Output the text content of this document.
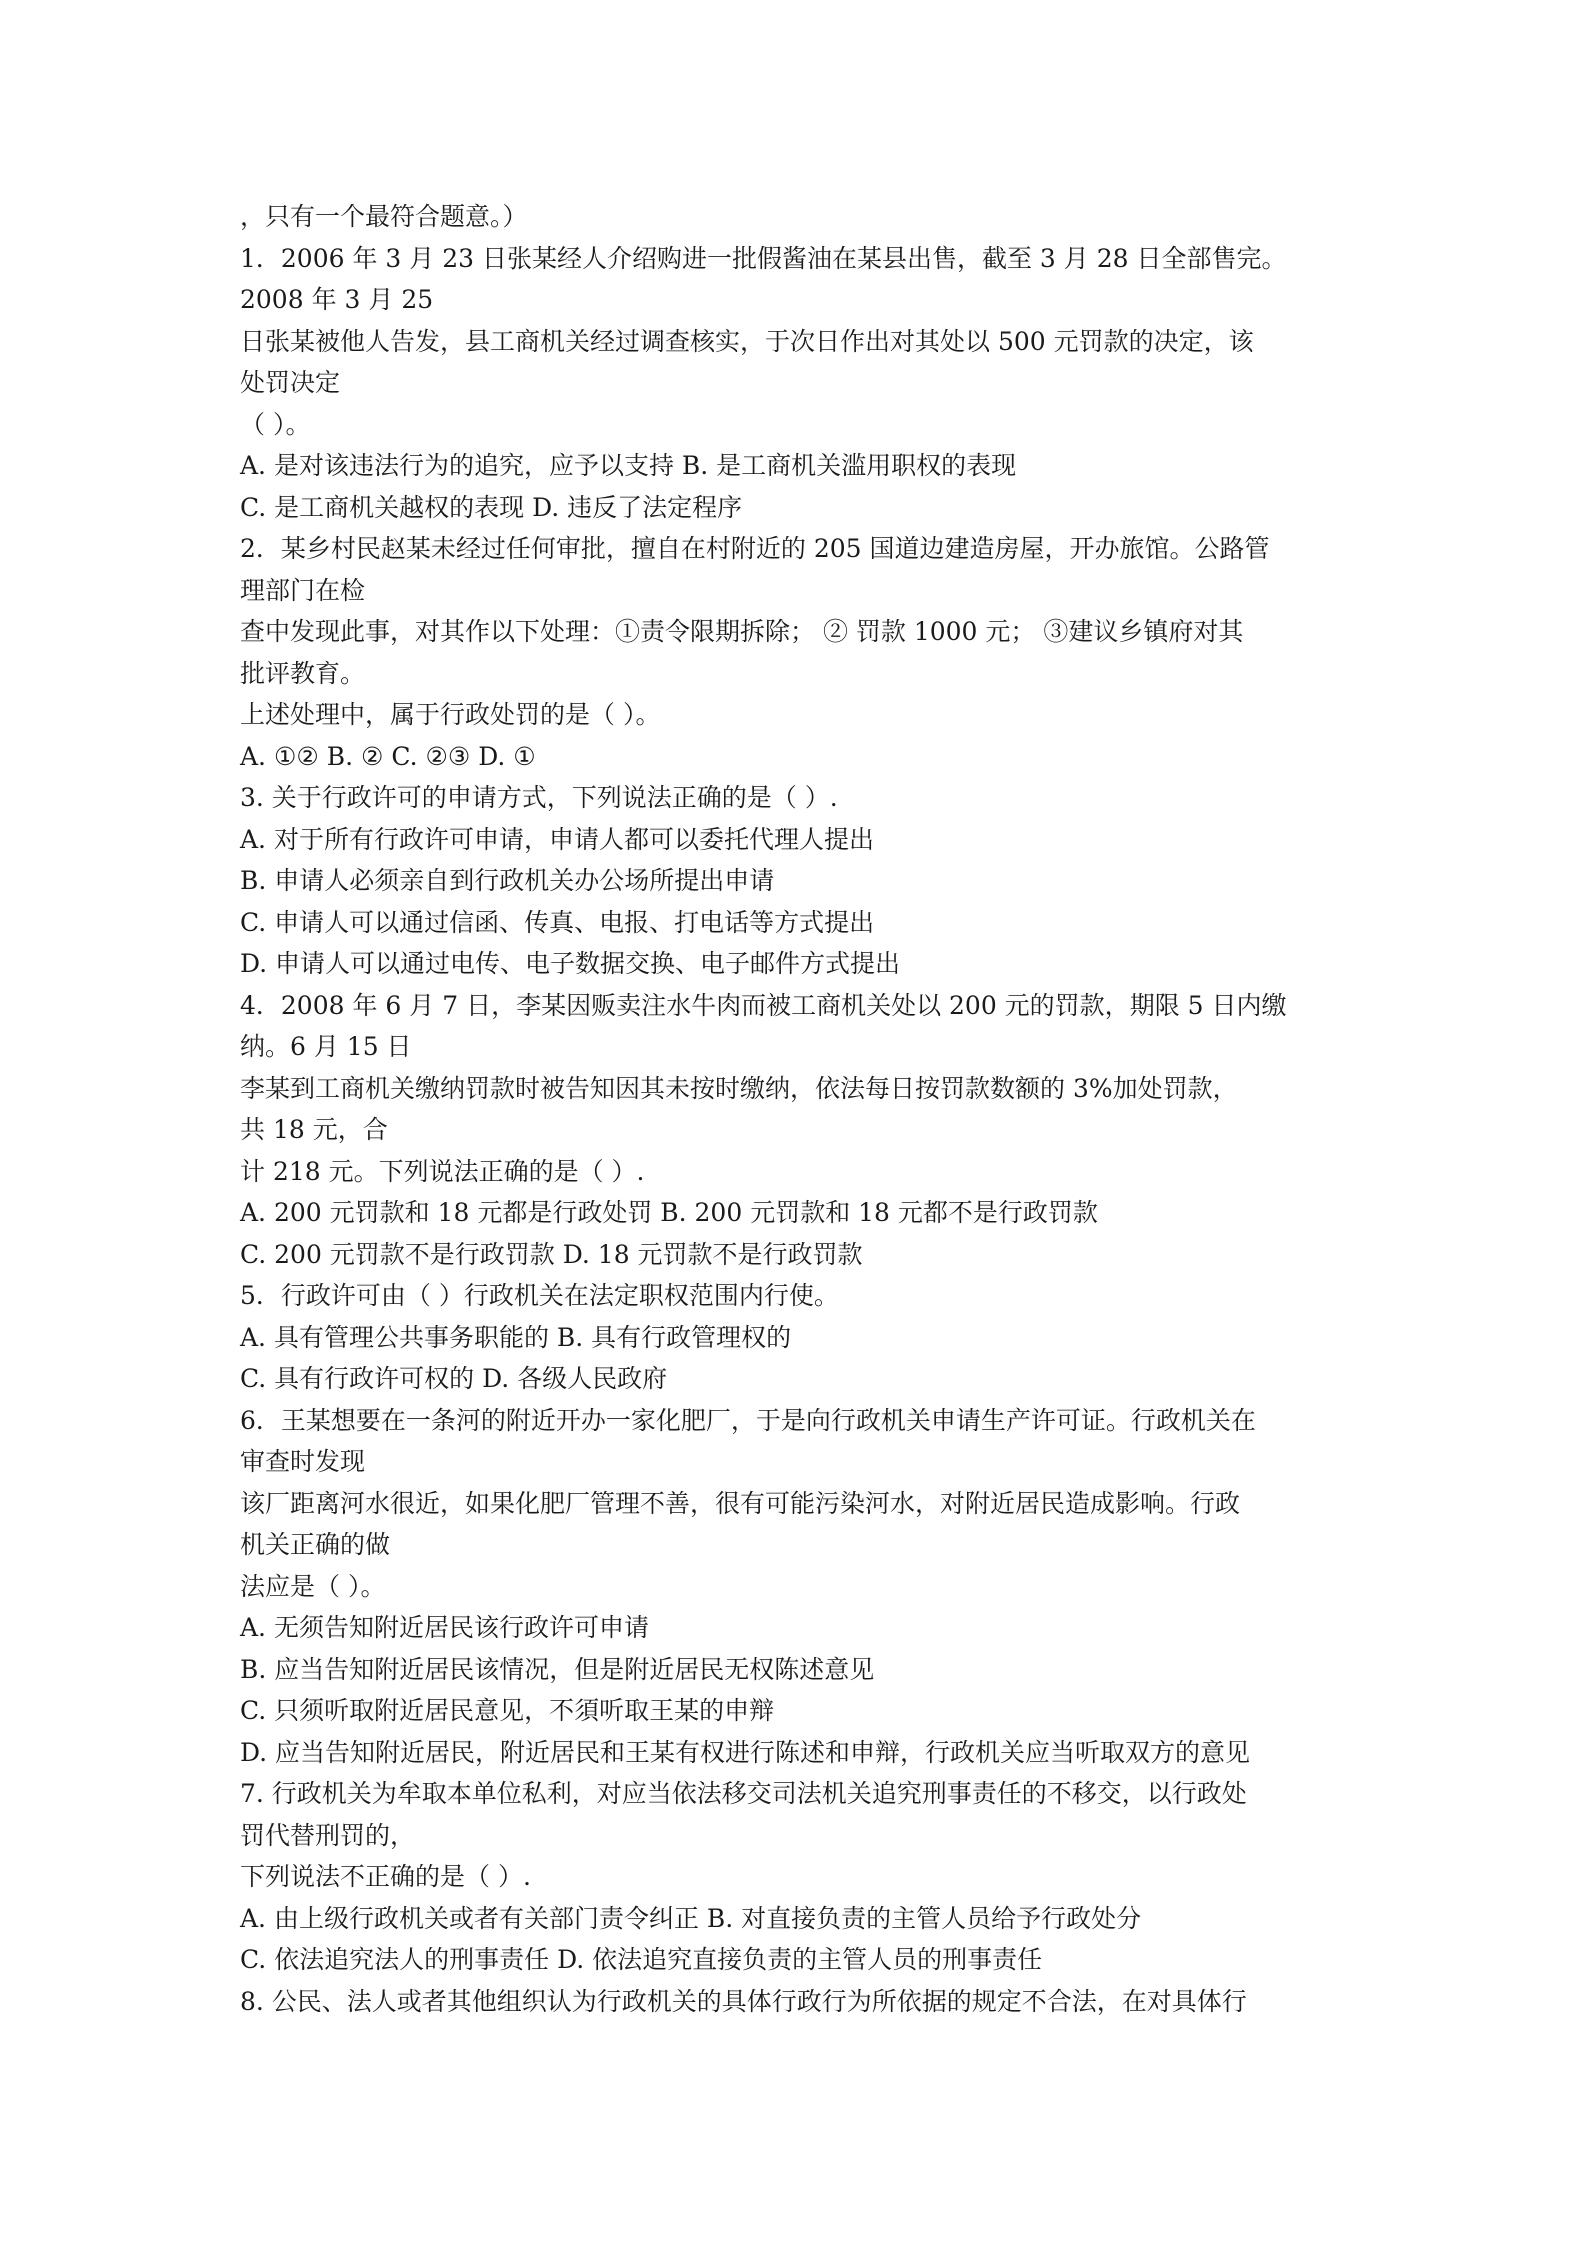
，只有一个最符合题意。）
1．2006 年 3 月 23 日张某经人介绍购进一批假酱油在某县出售，截至 3 月 28 日全部售完。
2008 年 3 月 25
日张某被他人告发，县工商机关经过调查核实，于次日作出对其处以 500 元罚款的决定，该
处罚决定
（ ）。
A. 是对该违法行为的追究，应予以支持 B. 是工商机关滥用职权的表现
C. 是工商机关越权的表现 D. 违反了法定程序
2．某乡村民赵某未经过任何审批，擅自在村附近的 205 国道边建造房屋，开办旅馆。公路管
理部门在检
查中发现此事，对其作以下处理：①责令限期拆除； ② 罚款 1000 元； ③建议乡镇府对其
批评教育。
上述处理中，属于行政处罚的是（ ）。
A. ①② B. ② C. ②③ D. ①
3. 关于行政许可的申请方式，下列说法正确的是（ ）.
A. 对于所有行政许可申请，申请人都可以委托代理人提出
B. 申请人必须亲自到行政机关办公场所提出申请
C. 申请人可以通过信函、传真、电报、打电话等方式提出
D. 申请人可以通过电传、电子数据交换、电子邮件方式提出
4．2008 年 6 月 7 日，李某因贩卖注水牛肉而被工商机关处以 200 元的罚款，期限 5 日内缴
纳。6 月 15 日
李某到工商机关缴纳罚款时被告知因其未按时缴纳，依法每日按罚款数额的 3%加处罚款，
共 18 元，合
计 218 元。下列说法正确的是（ ）.
A. 200 元罚款和 18 元都是行政处罚 B. 200 元罚款和 18 元都不是行政罚款
C. 200 元罚款不是行政罚款 D. 18 元罚款不是行政罚款
5．行政许可由（ ）行政机关在法定职权范围内行使。
A. 具有管理公共事务职能的 B. 具有行政管理权的
C. 具有行政许可权的 D. 各级人民政府
6．王某想要在一条河的附近开办一家化肥厂，于是向行政机关申请生产许可证。行政机关在
审查时发现
该厂距离河水很近，如果化肥厂管理不善，很有可能污染河水，对附近居民造成影响。行政
机关正确的做
法应是（ ）。
A. 无须告知附近居民该行政许可申请
B. 应当告知附近居民该情况，但是附近居民无权陈述意见
C. 只须听取附近居民意见，不須听取王某的申辩
D. 应当告知附近居民，附近居民和王某有权进行陈述和申辩，行政机关应当听取双方的意见
7. 行政机关为牟取本单位私利，对应当依法移交司法机关追究刑事责任的不移交，以行政处
罚代替刑罚的，
下列说法不正确的是（ ）.
A. 由上级行政机关或者有关部门责令纠正 B. 对直接负责的主管人员给予行政处分
C. 依法追究法人的刑事责任 D. 依法追究直接负责的主管人员的刑事责任
8. 公民、法人或者其他组织认为行政机关的具体行政行为所依据的规定不合法，在对具体行
